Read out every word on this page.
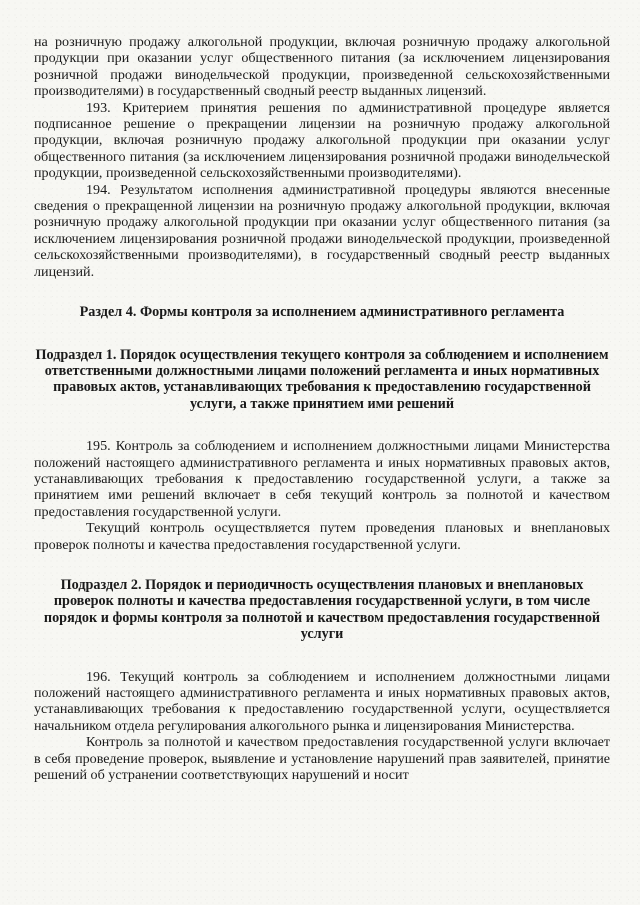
на розничную продажу алкогольной продукции, включая розничную продажу алкогольной продукции при оказании услуг общественного питания (за исключением лицензирования розничной продажи винодельческой продукции, произведенной сельскохозяйственными производителями) в государственный сводный реестр выданных лицензий.

193. Критерием принятия решения по административной процедуре является подписанное решение о прекращении лицензии на розничную продажу алкогольной продукции, включая розничную продажу алкогольной продукции при оказании услуг общественного питания (за исключением лицензирования розничной продажи винодельческой продукции, произведенной сельскохозяйственными производителями).

194. Результатом исполнения административной процедуры являются внесенные сведения о прекращенной лицензии на розничную продажу алкогольной продукции, включая розничную продажу алкогольной продукции при оказании услуг общественного питания (за исключением лицензирования розничной продажи винодельческой продукции, произведенной сельскохозяйственными производителями), в государственный сводный реестр выданных лицензий.

Раздел 4. Формы контроля за исполнением административного регламента
Подраздел 1. Порядок осуществления текущего контроля за соблюдением и исполнением ответственными должностными лицами положений регламента и иных нормативных правовых актов, устанавливающих требования к предоставлению государственной услуги, а также принятием ими решений

195. Контроль за соблюдением и исполнением должностными лицами Министерства положений настоящего административного регламента и иных нормативных правовых актов, устанавливающих требования к предоставлению государственной услуги, а также за принятием ими решений включает в себя текущий контроль за полнотой и качеством предоставления государственной услуги.

Текущий контроль осуществляется путем проведения плановых и внеплановых проверок полноты и качества предоставления государственной услуги.

Подраздел 2. Порядок и периодичность осуществления плановых и внеплановых проверок полноты и качества предоставления государственной услуги, в том числе порядок и формы контроля за полнотой и качеством предоставления государственной услуги

196. Текущий контроль за соблюдением и исполнением должностными лицами положений настоящего административного регламента и иных нормативных правовых актов, устанавливающих требования к предоставлению государственной услуги, осуществляется начальником отдела регулирования алкогольного рынка и лицензирования Министерства.

Контроль за полнотой и качеством предоставления государственной услуги включает в себя проведение проверок, выявление и установление нарушений прав заявителей, принятие решений об устранении соответствующих нарушений и носит
